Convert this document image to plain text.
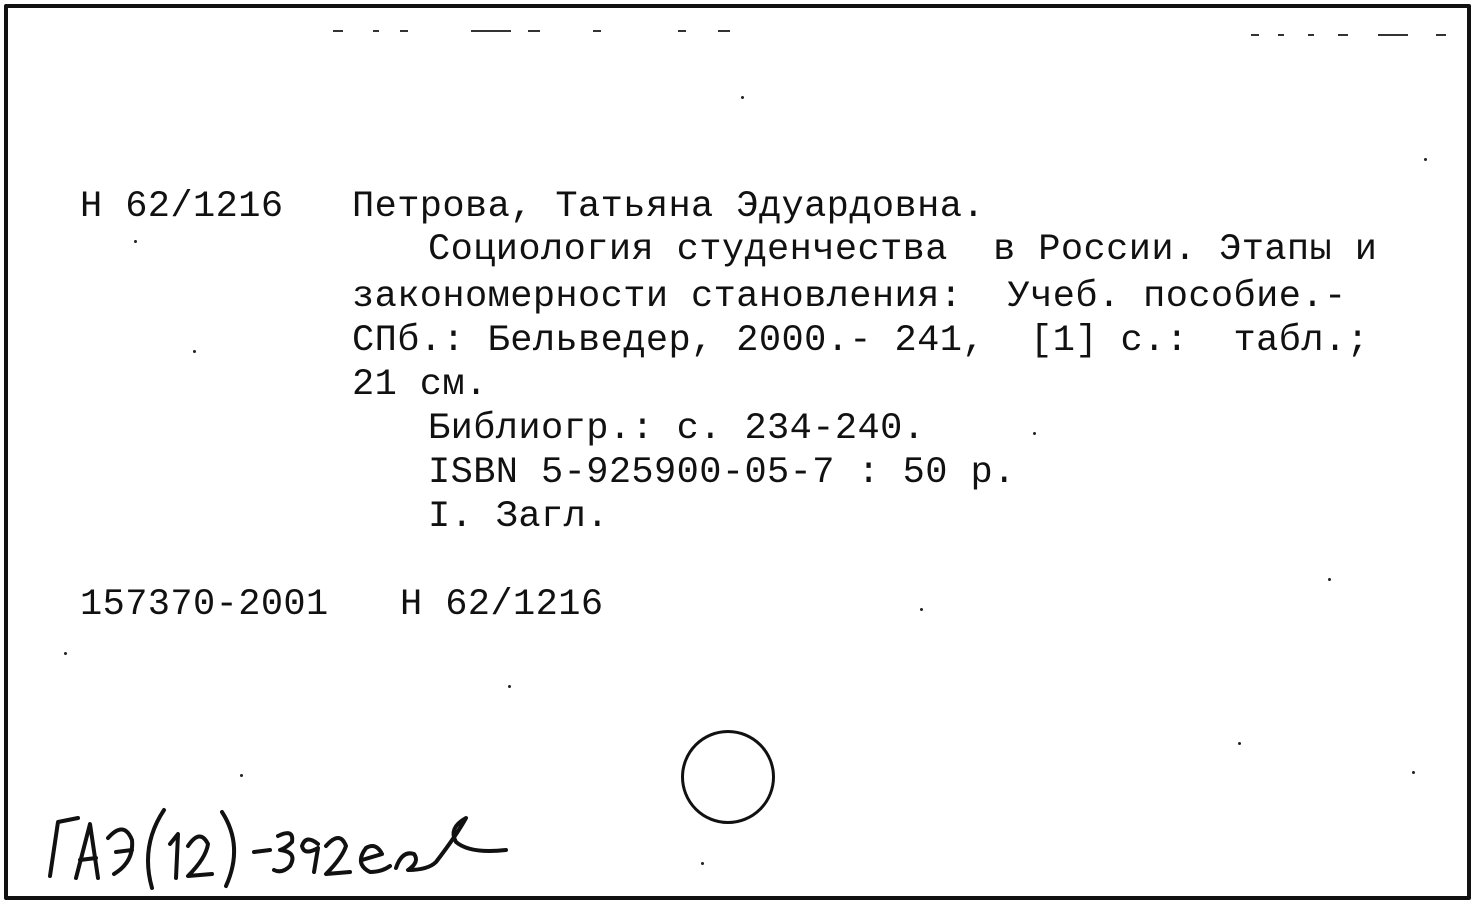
Н 62/1216 Петрова, Татьяна Эдуардовна.
Социология студенчества  в России. Этапы и
закономерности становления:  Учеб. пособие.-
СПб.: Бельведер, 2000.- 241,  [1] с.:  табл.;
21 см.
Библиогр.: с. 234-240.
ISBN 5-925900-05-7 : 50 р.
I. Загл.
157370-2001 Н 62/1216
